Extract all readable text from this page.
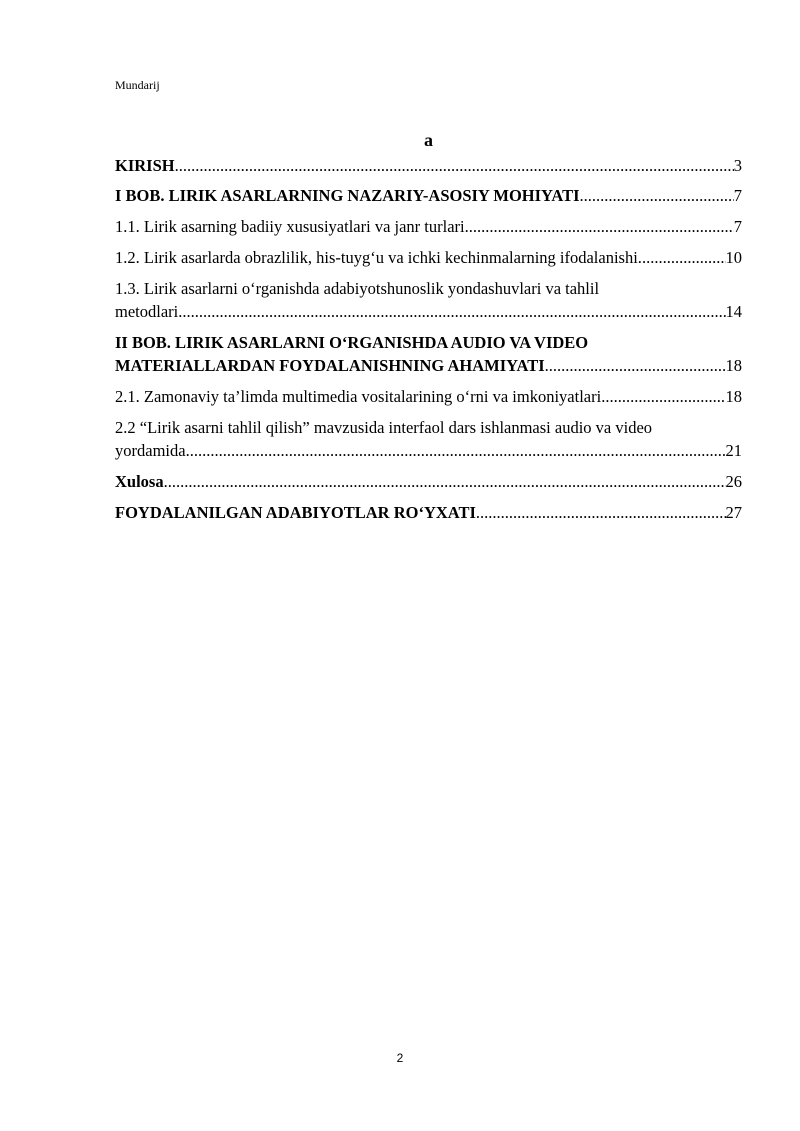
Mundarij
a
KIRISH .....	3
I BOB. LIRIK ASARLARNING NAZARIY-ASOSIY MOHIYATI .....	7
1.1. Lirik asarning badiiy xususiyatlari va janr turlari .....	7
1.2. Lirik asarlarda obrazlilik, his-tuyg‘u va ichki kechinmalarning ifodalanishi. .....	10
1.3. Lirik asarlarni o‘rganishda adabiyotshunoslik yondashuvlari va tahlil
metodlari .....	14
II BOB. LIRIK ASARLARNI O‘RGANISHDA AUDIO VA VIDEO
MATERIALLARDAN FOYDALANISHNING AHAMIYATI .....	18
2.1. Zamonaviy ta’limda multimedia vositalarining o‘rni va imkoniyatlari .....	18
2.2 “Lirik asarni tahlil qilish” mavzusida interfaol dars ishlanmasi audio va video
yordamida .....	21
Xulosa .....	26
FOYDALANILGAN ADABIYOTLAR RO‘YXATI .....	27
2
